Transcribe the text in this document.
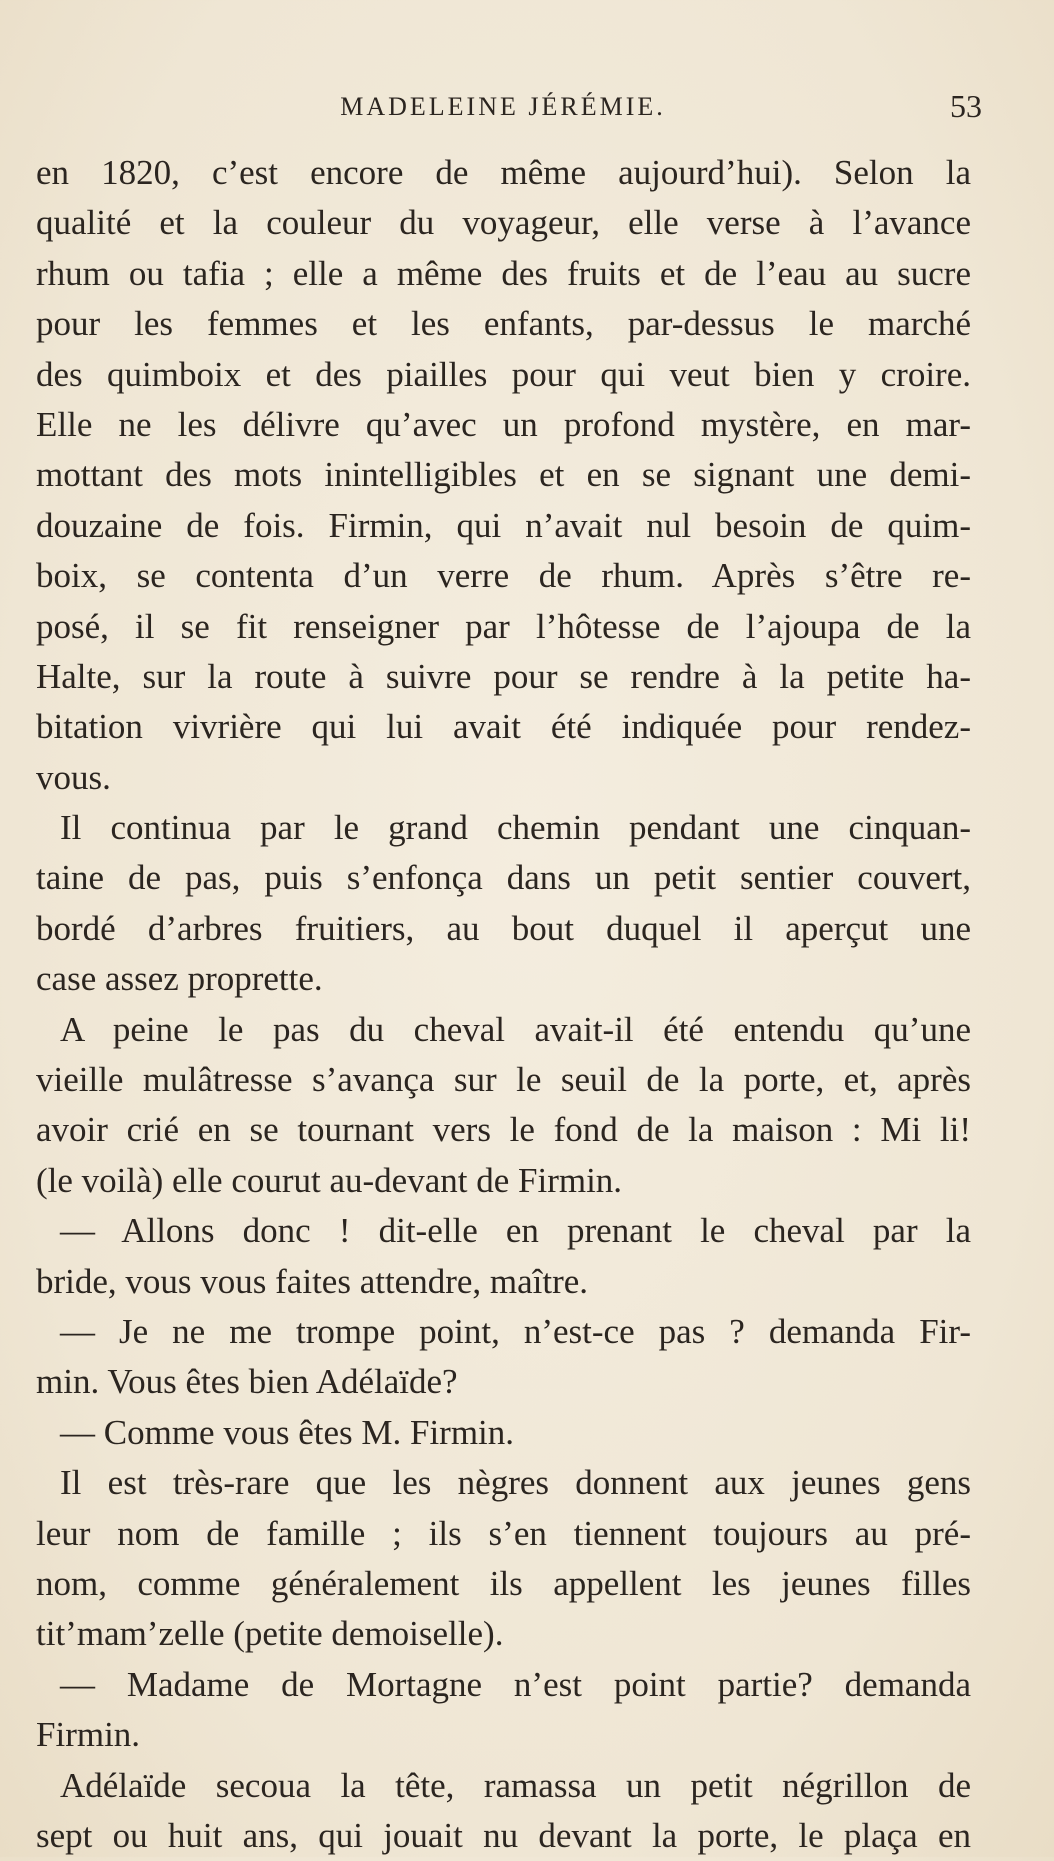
MADELEINE JÉRÉMIE.	53
en 1820, c’est encore de même aujourd’hui). Selon la
qualité et la couleur du voyageur, elle verse à l’avance
rhum ou tafia ; elle a même des fruits et de l’eau au sucre
pour les femmes et les enfants, par-dessus le marché
des quimboix et des piailles pour qui veut bien y croire.
Elle ne les délivre qu’avec un profond mystère, en mar-
mottant des mots inintelligibles et en se signant une demi-
douzaine de fois. Firmin, qui n’avait nul besoin de quim-
boix, se contenta d’un verre de rhum. Après s’être re-
posé, il se fit renseigner par l’hôtesse de l’ajoupa de la
Halte, sur la route à suivre pour se rendre à la petite ha-
bitation vivrière qui lui avait été indiquée pour rendez-
vous.
Il continua par le grand chemin pendant une cinquan-
taine de pas, puis s’enfonça dans un petit sentier couvert,
bordé d’arbres fruitiers, au bout duquel il aperçut une
case assez proprette.
A peine le pas du cheval avait-il été entendu qu’une
vieille mulâtresse s’avança sur le seuil de la porte, et, après
avoir crié en se tournant vers le fond de la maison : Mi li!
(le voilà) elle courut au-devant de Firmin.
— Allons donc ! dit-elle en prenant le cheval par la
bride, vous vous faites attendre, maître.
— Je ne me trompe point, n’est-ce pas ? demanda Fir-
min. Vous êtes bien Adélaïde?
— Comme vous êtes M. Firmin.
Il est très-rare que les nègres donnent aux jeunes gens
leur nom de famille ; ils s’en tiennent toujours au pré-
nom, comme généralement ils appellent les jeunes filles
tit’mam’zelle (petite demoiselle).
— Madame de Mortagne n’est point partie? demanda
Firmin.
Adélaïde secoua la tête, ramassa un petit négrillon de
sept ou huit ans, qui jouait nu devant la porte, le plaça en
